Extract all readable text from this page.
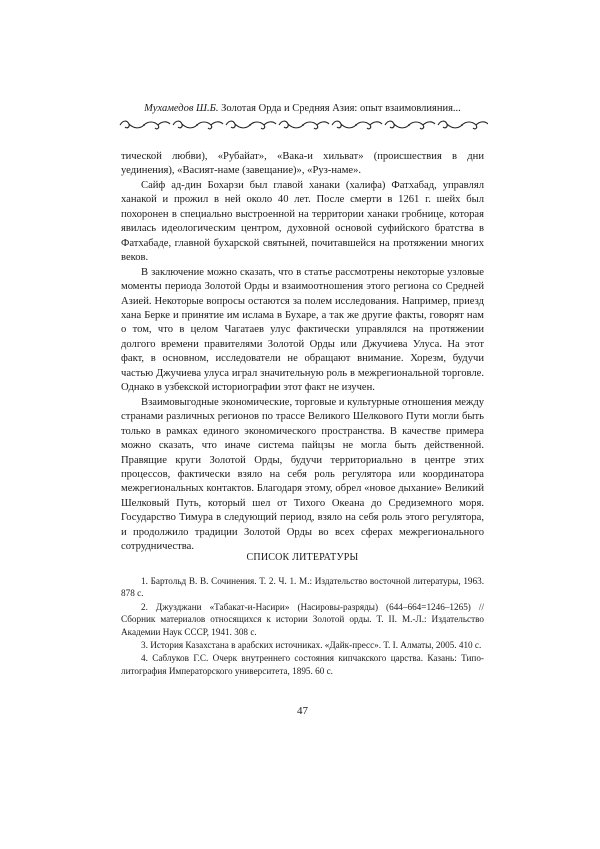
Мухамедов Ш.Б. Золотая Орда и Средняя Азия: опыт взаимовлияния...

тической любви), «Рубайат», «Вака-и хильват» (происшествия в дни уединения), «Васият-наме (завещание)», «Руз-наме».

Сайф ад-дин Бохарзи был главой ханаки (халифа) Фатхабад, управлял ханакой и прожил в ней около 40 лет. После смерти в 1261 г. шейх был похоронен в специально выстроенной на территории ханаки гробнице, которая явилась идеологическим центром, духовной основой суфийского братства в Фатхабаде, главной бухарской святыней, почитавшейся на протяжении многих веков.

В заключение можно сказать, что в статье рассмотрены некоторые узловые моменты периода Золотой Орды и взаимоотношения этого региона со Средней Азией. Некоторые вопросы остаются за полем исследования. Например, приезд хана Берке и принятие им ислама в Бухаре, а так же другие факты, говорят нам о том, что в целом Чагатаев улус фактически управлялся на протяжении долгого времени правителями Золотой Орды или Джучиева Улуса. На этот факт, в основном, исследователи не обращают внимание. Хорезм, будучи частью Джучиева улуса играл значительную роль в межрегиональной торговле. Однако в узбекской историографии этот факт не изучен.

Взаимовыгодные экономические, торговые и культурные отношения между странами различных регионов по трассе Великого Шелкового Пути могли быть только в рамках единого экономического пространства. В качестве примера можно сказать, что иначе система пайцзы не могла быть действенной. Правящие круги Золотой Орды, будучи территориально в центре этих процессов, фактически взяло на себя роль регулятора или координатора межрегиональных контактов. Благодаря этому, обрел «новое дыхание» Великий Шелковый Путь, который шел от Тихого Океана до Средиземного моря. Государство Тимура в следующий период, взяло на себя роль этого регулятора, и продолжило традиции Золотой Орды во всех сферах межрегионального сотрудничества.

СПИСОК ЛИТЕРАТУРЫ
1. Бартольд В. В. Сочинения. Т. 2. Ч. 1. М.: Издательство восточной литературы, 1963. 878 с.
2. Джузджани «Табакат-и-Насири» (Насировы-разряды) (644–664=1246–1265) // Сборник материалов относящихся к истории Золотой орды. Т. II. М.-Л.: Издательство Академии Наук СССР, 1941. 308 с.
3. История Казахстана в арабских источниках. «Дайк-пресс». Т. I. Алматы, 2005. 410 с.
4. Саблуков Г.С. Очерк внутреннего состояния кипчакского царства. Казань: Типо-литография Императорского университета, 1895. 60 с.
47
